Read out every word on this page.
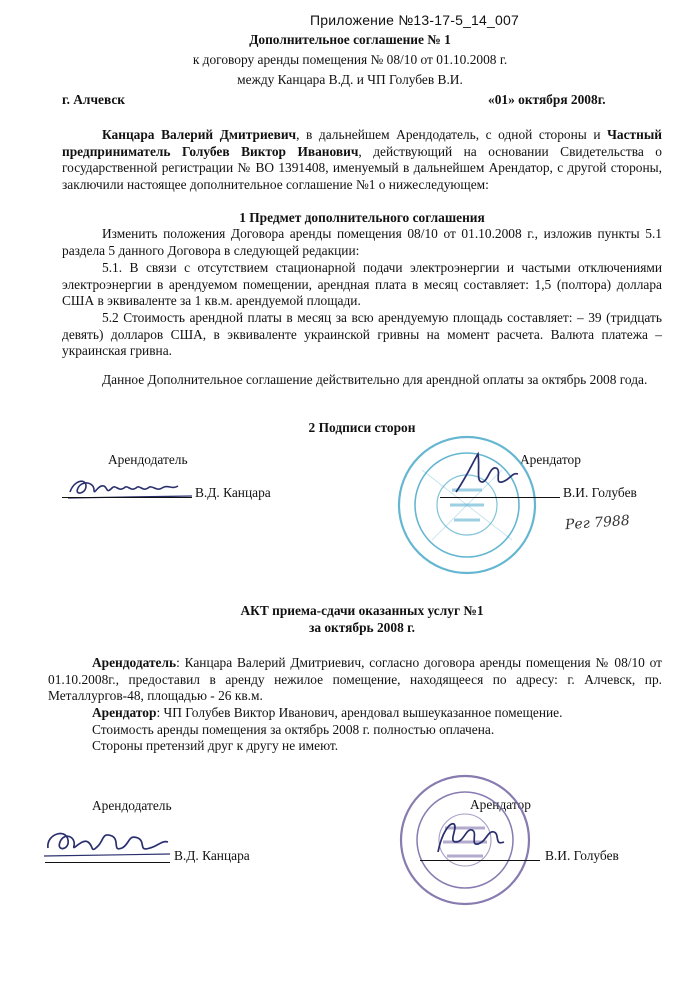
Приложение №13-17-5_14_007
Дополнительное соглашение № 1
к договору аренды помещения № 08/10 от 01.10.2008 г.
между Канцара В.Д. и ЧП Голубев В.И.
г. Алчевск	«01» октября 2008г.
Канцара Валерий Дмитриевич, в дальнейшем Арендодатель, с одной стороны и Частный предприниматель Голубев Виктор Иванович, действующий на основании Свидетельства о государственной регистрации № ВО 1391408, именуемый в дальнейшем Арендатор, с другой стороны, заключили настоящее дополнительное соглашение №1 о нижеследующем:
1 Предмет дополнительного соглашения
Изменить положения Договора аренды помещения 08/10 от 01.10.2008 г., изложив пункты 5.1 раздела 5 данного Договора в следующей редакции:
5.1. В связи с отсутствием стационарной подачи электроэнергии и частыми отключениями электроэнергии в арендуемом помещении, арендная плата в месяц составляет: 1,5 (полтора) доллара США в эквиваленте за 1 кв.м. арендуемой площади.
5.2 Стоимость арендной платы в месяц за всю арендуемую площадь составляет: – 39 (тридцать девять) долларов США, в эквиваленте украинской гривны на момент расчета. Валюта платежа – украинская гривна.
Данное Дополнительное соглашение действительно для арендной оплаты за октябрь 2008 года.
2 Подписи сторон
Арендодатель	Арендатор
В.Д. Канцара	В.И. Голубев
Рег 7988
АКТ приема-сдачи оказанных услуг №1
за октябрь 2008 г.
Арендодатель: Канцара Валерий Дмитриевич, согласно договора аренды помещения № 08/10 от 01.10.2008г., предоставил в аренду нежилое помещение, находящееся по адресу: г. Алчевск, пр. Металлургов-48, площадью - 26 кв.м.
Арендатор: ЧП Голубев Виктор Иванович, арендовал вышеуказанное помещение.
Стоимость аренды помещения за октябрь 2008 г. полностью оплачена.
Стороны претензий друг к другу не имеют.
Арендодатель	Арендатор
В.Д. Канцара	В.И. Голубев
